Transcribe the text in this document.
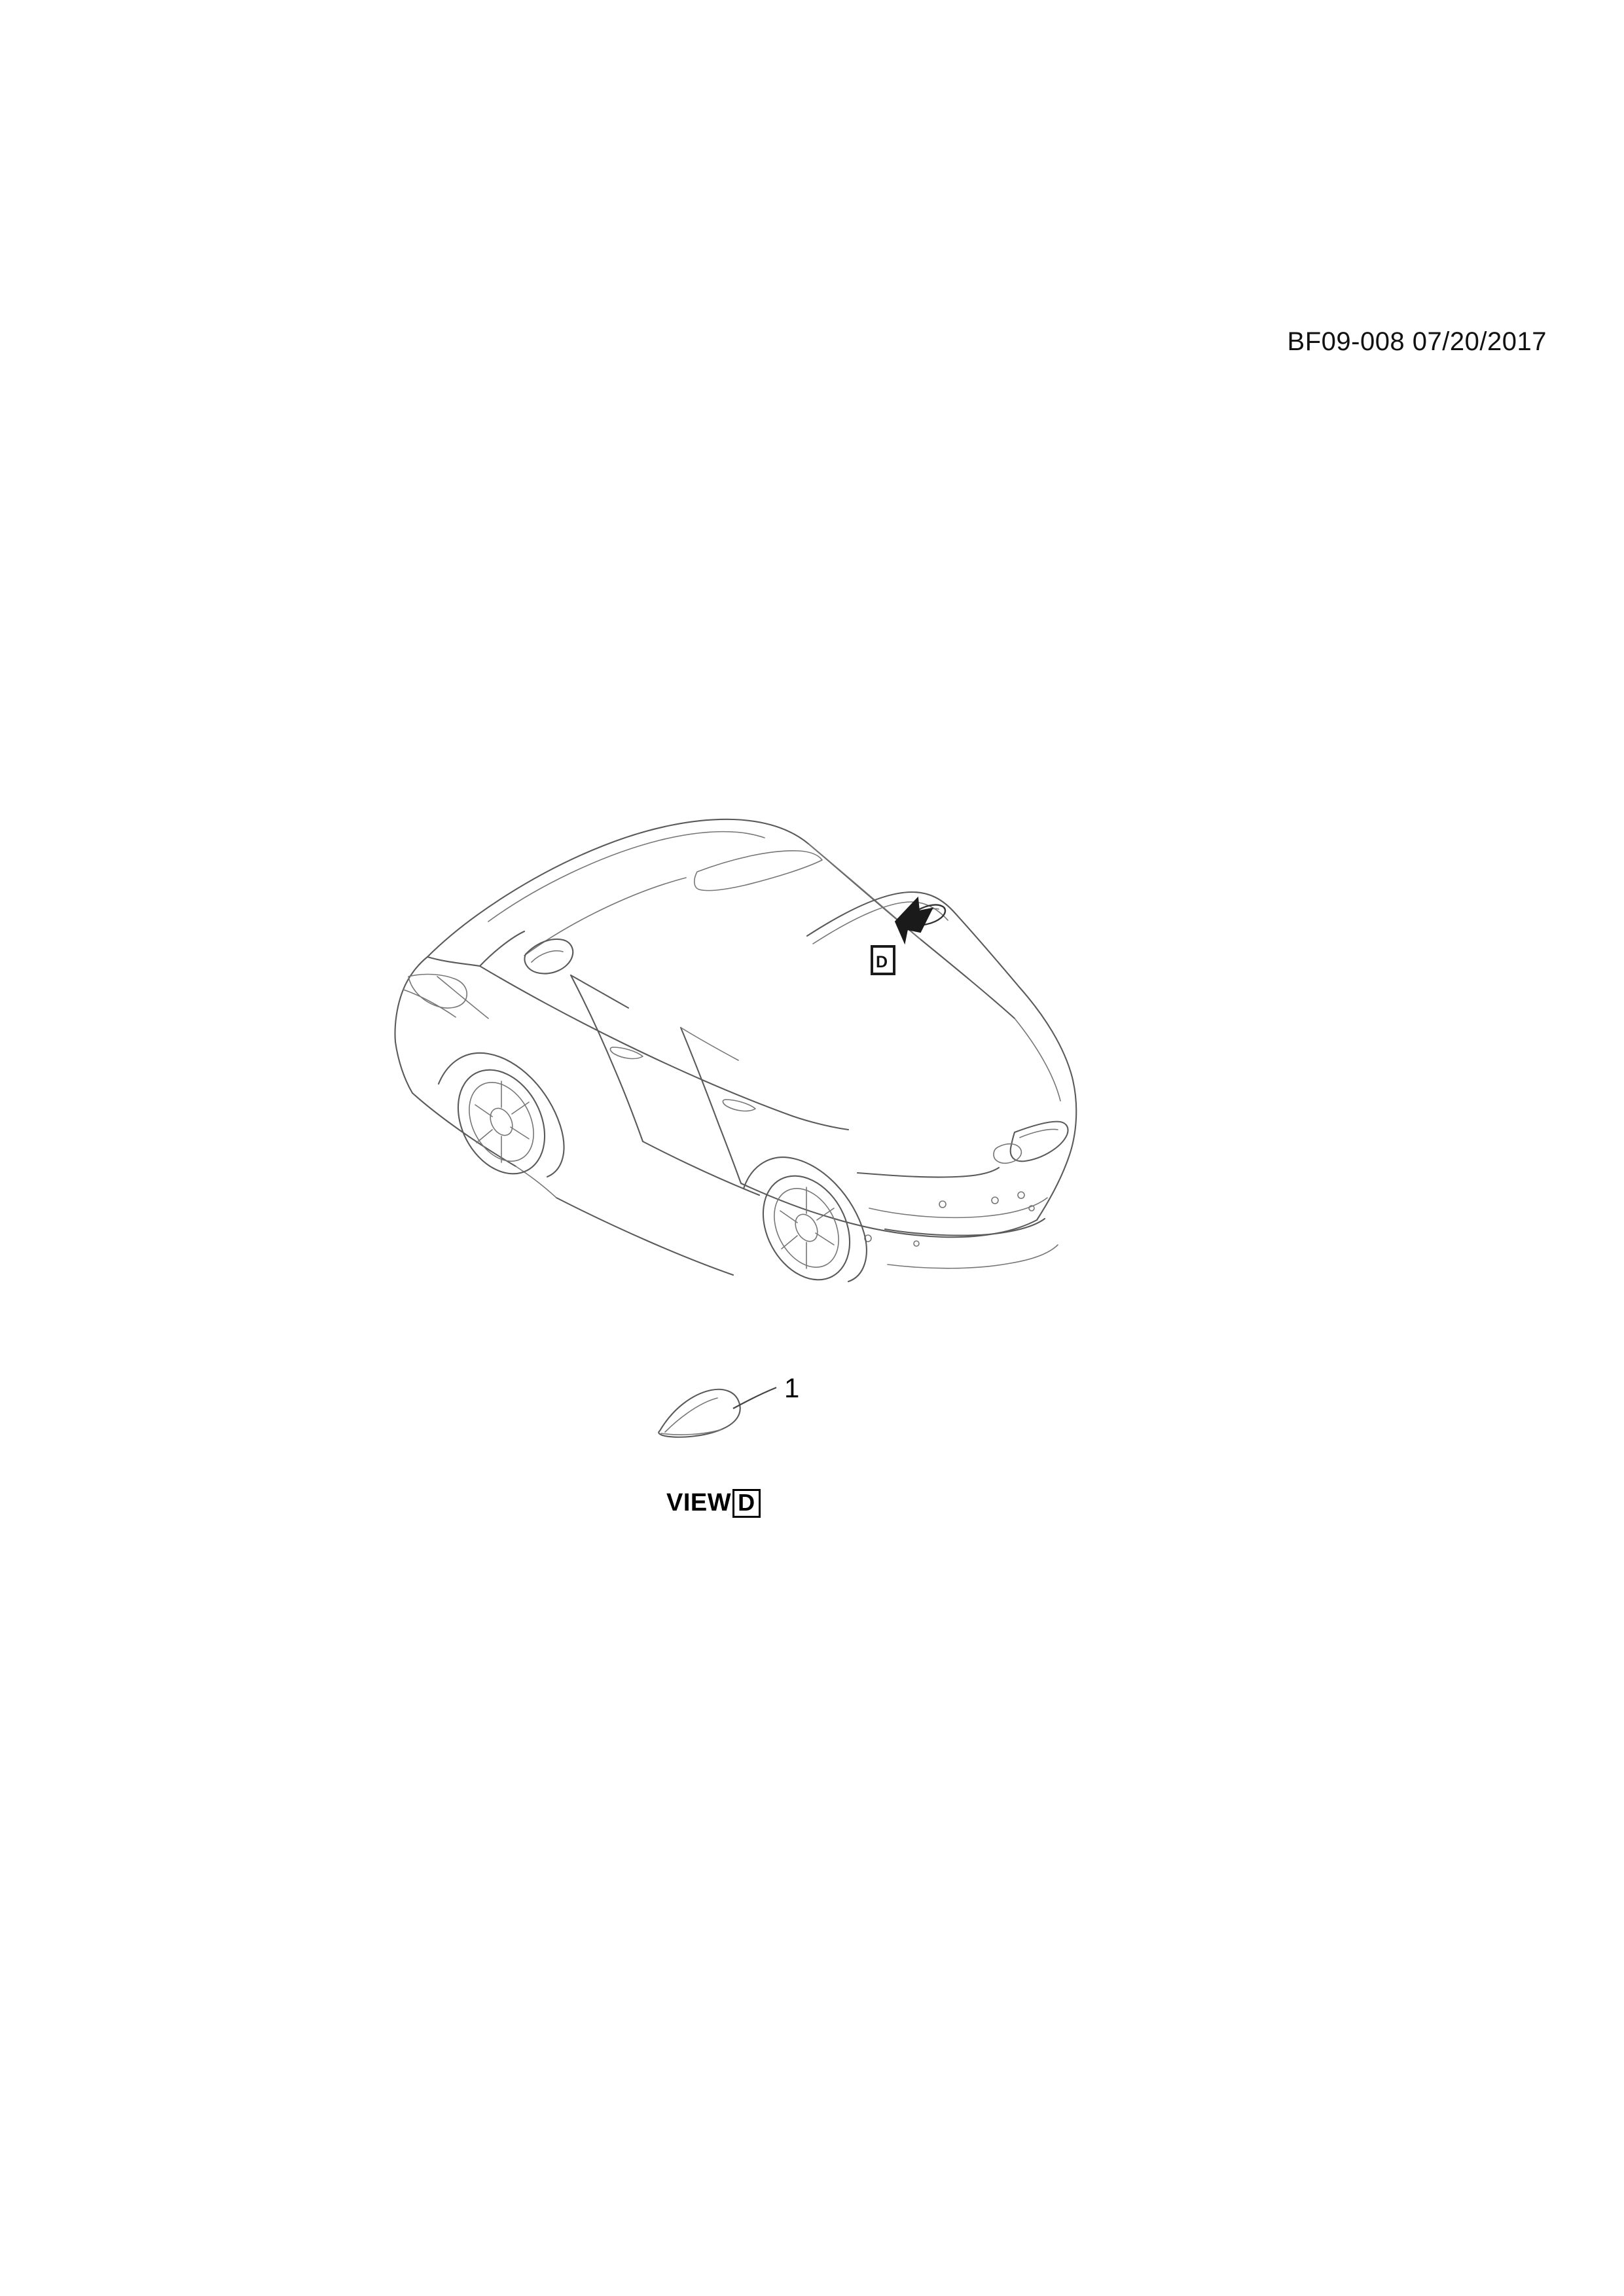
BF09-008 07/20/2017
D
1
VIEW D
